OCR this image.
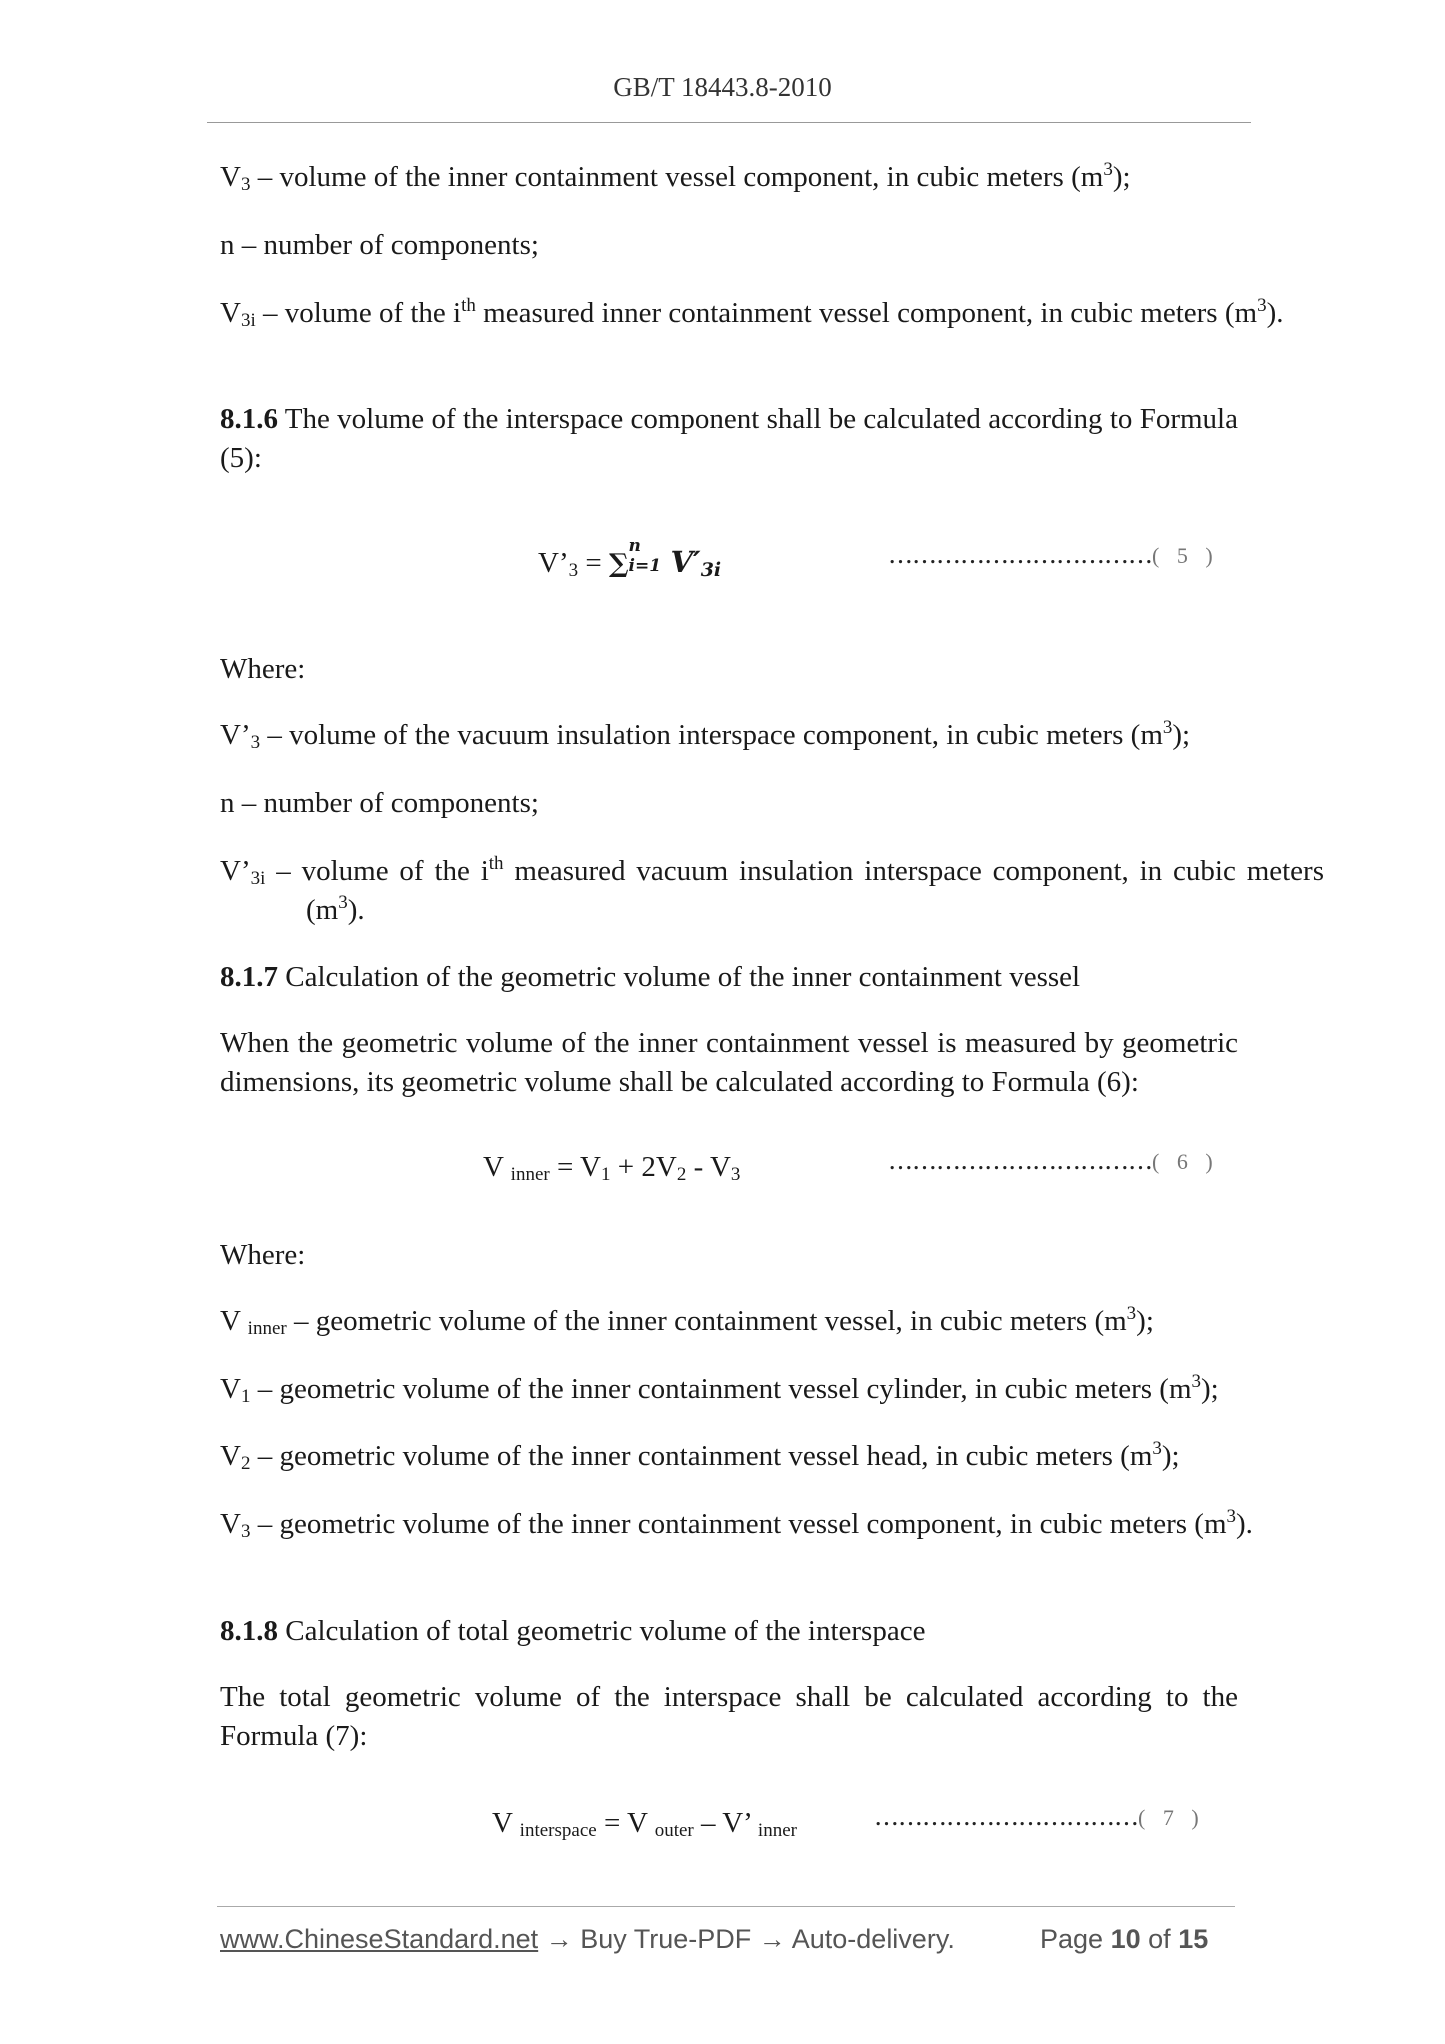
GB/T 18443.8-2010
$V_3$ – volume of the inner containment vessel component, in cubic meters $(m^3)$;
n – number of components;
$V_{3i}$ – volume of the $i^{th}$ measured inner containment vessel component, in cubic meters $(m^3)$.
8.1.6 The volume of the interspace component shall be calculated according to Formula (5):
$V’_3$ = ∑
n
i=1 $V'_{3i}$
……………………………( 5 )
Where:
$V’_3$ – volume of the vacuum insulation interspace component, in cubic meters $(m^3)$;
n – number of components;
$V’_{3i}$ – volume of the $i^{th}$ measured vacuum insulation interspace component, in cubic meters $(m^3)$.
8.1.7 Calculation of the geometric volume of the inner containment vessel
When the geometric volume of the inner containment vessel is measured by geometric dimensions, its geometric volume shall be calculated according to Formula (6):
V $_{inner} = V_1 + 2V_2 - V_3$	……………………………( 6 )
Where:
V $_{inner}$ – geometric volume of the inner containment vessel, in cubic meters $(m^3)$;
$V_1$ – geometric volume of the inner containment vessel cylinder, in cubic meters $(m^3)$;
$V_2$ – geometric volume of the inner containment vessel head, in cubic meters $(m^3)$;
$V_3$ – geometric volume of the inner containment vessel component, in cubic meters $(m^3)$.
8.1.8 Calculation of total geometric volume of the interspace
The total geometric volume of the interspace shall be calculated according to the Formula (7):
V $_{interspace}$ = V $_{outer}$ – V’ $_{inner}$	……………………………( 7 )
www.ChineseStandard.net → Buy True-PDF → Auto-delivery.	Page 10 of 15
